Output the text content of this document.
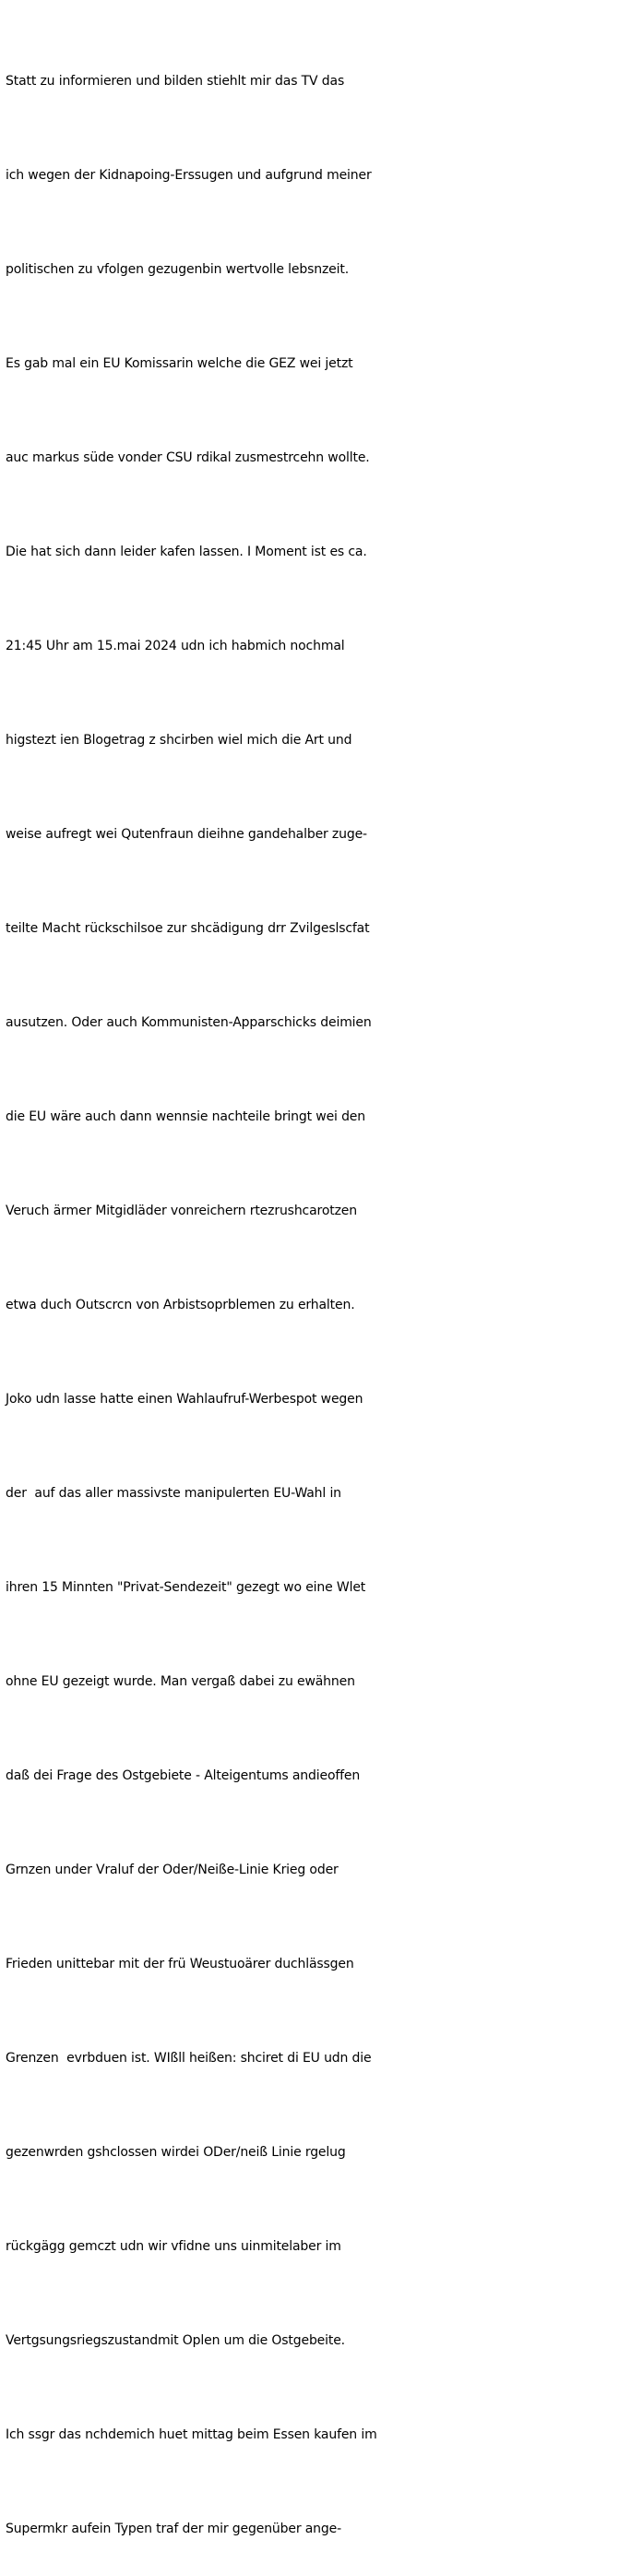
Statt zu informieren und bilden stiehlt mir das TV das

ich wegen der Kidnapoing-Erssugen und aufgrund meiner

politischen zu vfolgen gezugenbin wertvolle lebsnzeit.

Es gab mal ein EU Komissarin welche die GEZ wei jetzt

auc markus süde vonder CSU rdikal zusmestrcehn wollte.

Die hat sich dann leider kafen lassen. I Moment ist es ca.

21:45 Uhr am 15.mai 2024 udn ich habmich nochmal

higstezt ien Blogetrag z shcirben wiel mich die Art und

weise aufregt wei Qutenfraun dieihne gandehalber zuge-

teilte Macht rückschilsoe zur shcädigung drr Zvilgeslscfat

ausutzen. Oder auch Kommunisten-Apparschicks deimien

die EU wäre auch dann wennsie nachteile bringt wei den

Veruch ärmer Mitgidläder vonreichern rtezrushcarotzen

etwa duch Outscrcn von Arbistsoprblemen zu erhalten.

Joko udn lasse hatte einen Wahlaufruf-Werbespot wegen

der  auf das aller massivste manipulerten EU-Wahl in

ihren 15 Minnten "Privat-Sendezeit" gezegt wo eine Wlet

ohne EU gezeigt wurde. Man vergaß dabei zu ewähnen

daß dei Frage des Ostgebiete - Alteigentums andieoffen

Grnzen under Vraluf der Oder/Neiße-Linie Krieg oder

Frieden unittebar mit der frü Weustuoärer duchlässgen

Grenzen  evrbduen ist. WIßll heißen: shciret di EU udn die

gezenwrden gshclossen wirdei ODer/neiß Linie rgelug

rückgägg gemczt udn wir vfidne uns uinmitelaber im

Vertgsungsriegszustandmit Oplen um die Ostgebeite.

Ich ssgr das nchdemich huet mittag beim Essen kaufen im

Supermkr aufein Typen traf der mir gegenüber ange-
